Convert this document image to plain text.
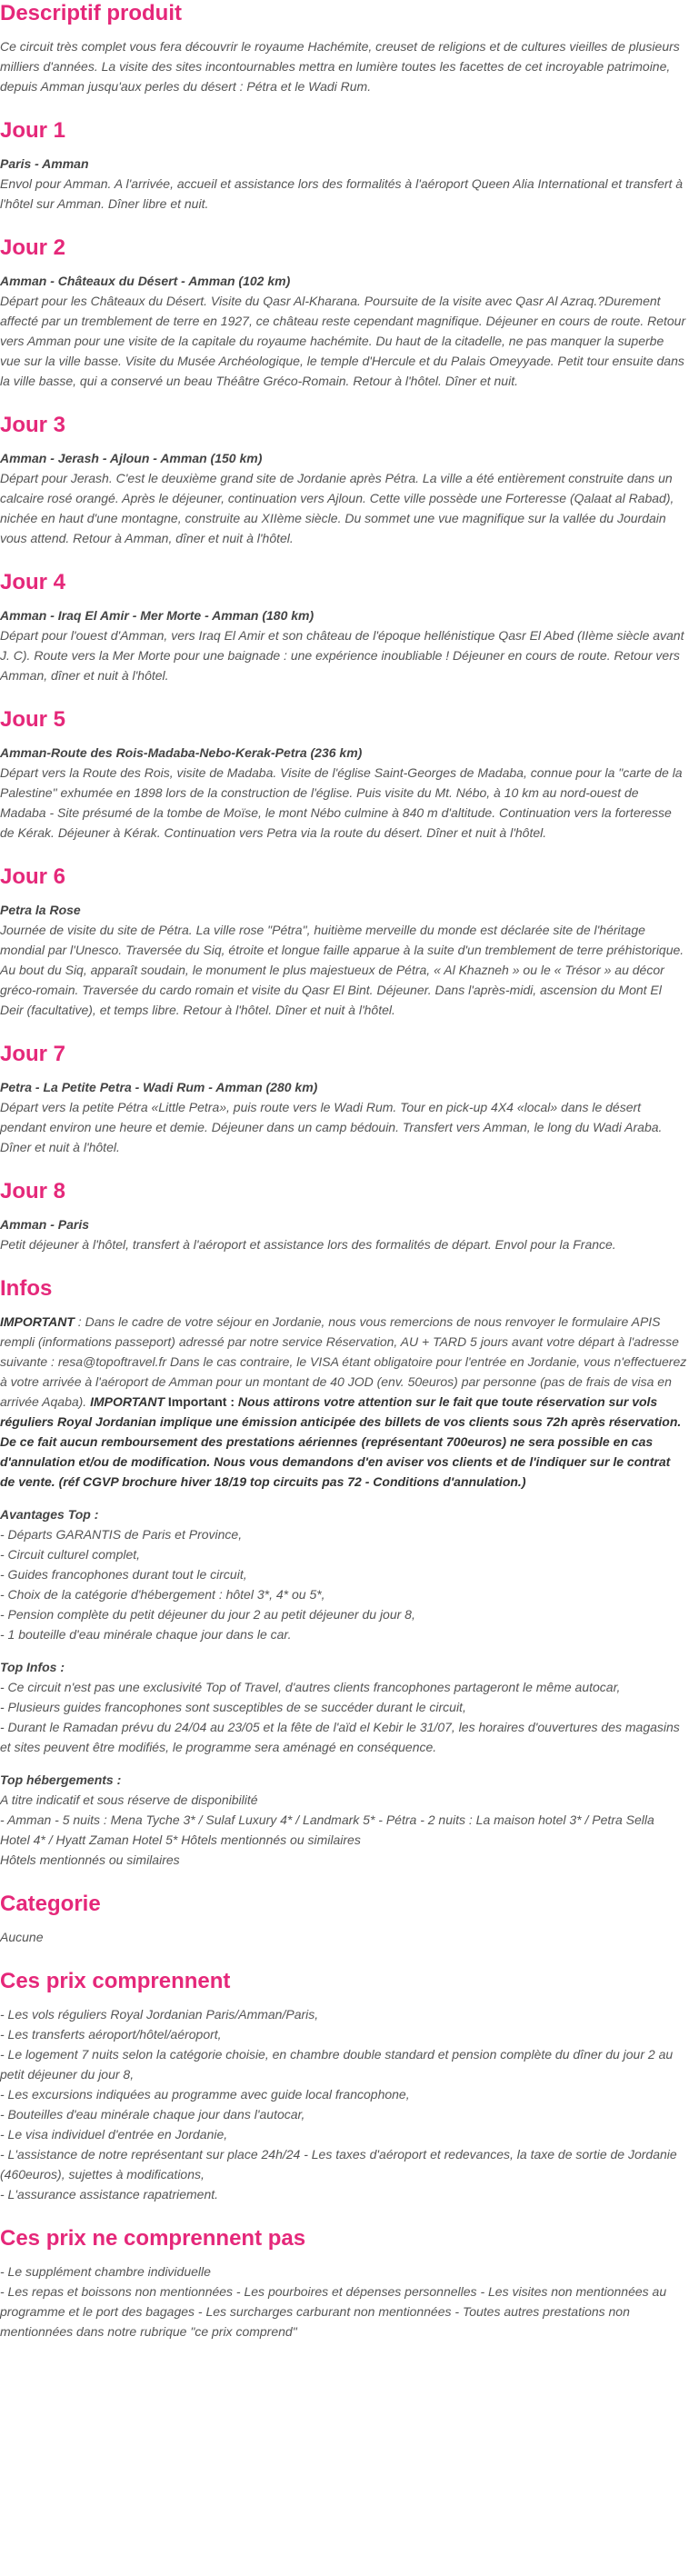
Descriptif produit

Ce circuit très complet vous fera découvrir le royaume Hachémite, creuset de religions et de cultures vieilles de plusieurs milliers d'années. La visite des sites incontournables mettra en lumière toutes les facettes de cet incroyable patrimoine, depuis Amman jusqu'aux perles du désert : Pétra et le Wadi Rum.

Jour 1

Paris - Amman

Envol pour Amman. A l'arrivée, accueil et assistance lors des formalités à l'aéroport Queen Alia International et transfert à l'hôtel sur Amman. Dîner libre et nuit.

Jour 2

Amman - Châteaux du Désert - Amman (102 km)

Départ pour les Châteaux du Désert. Visite du Qasr Al-Kharana. Poursuite de la visite avec Qasr Al Azraq.?Durement affecté par un tremblement de terre en 1927, ce château reste cependant magnifique. Déjeuner en cours de route. Retour vers Amman pour une visite de la capitale du royaume hachémite. Du haut de la citadelle, ne pas manquer la superbe vue sur la ville basse. Visite du Musée Archéologique, le temple d'Hercule et du Palais Omeyyade. Petit tour ensuite dans la ville basse, qui a conservé un beau Théâtre Gréco-Romain. Retour à l'hôtel. Dîner et nuit.

Jour 3

Amman - Jerash - Ajloun - Amman (150 km)

Départ pour Jerash. C'est le deuxième grand site de Jordanie après Pétra. La ville a été entièrement construite dans un calcaire rosé orangé. Après le déjeuner, continuation vers Ajloun. Cette ville possède une Forteresse (Qalaat al Rabad), nichée en haut d'une montagne, construite au XIIème siècle. Du sommet une vue magnifique sur la vallée du Jourdain vous attend. Retour à Amman, dîner et nuit à l'hôtel.

Jour 4

Amman - Iraq El Amir - Mer Morte - Amman (180 km)

Départ pour l'ouest d'Amman, vers Iraq El Amir et son château de l'époque hellénistique Qasr El Abed (IIème siècle avant J. C). Route vers la Mer Morte pour une baignade : une expérience inoubliable ! Déjeuner en cours de route. Retour vers Amman, dîner et nuit à l'hôtel.

Jour 5

Amman-Route des Rois-Madaba-Nebo-Kerak-Petra (236 km)

Départ vers la Route des Rois, visite de Madaba. Visite de l'église Saint-Georges de Madaba, connue pour la "carte de la Palestine" exhumée en 1898 lors de la construction de l'église. Puis visite du Mt. Nébo, à 10 km au nord-ouest de Madaba - Site présumé de la tombe de Moïse, le mont Nébo culmine à 840 m d'altitude. Continuation vers la forteresse de Kérak. Déjeuner à Kérak. Continuation vers Petra via la route du désert. Dîner et nuit à l'hôtel.

Jour 6

Petra la Rose

Journée de visite du site de Pétra. La ville rose "Pétra", huitième merveille du monde est déclarée site de l'héritage mondial par l'Unesco. Traversée du Siq, étroite et longue faille apparue à la suite d'un tremblement de terre préhistorique. Au bout du Siq, apparaît soudain, le monument le plus majestueux de Pétra, « Al Khazneh » ou le « Trésor » au décor gréco-romain. Traversée du cardo romain et visite du Qasr El Bint. Déjeuner. Dans l'après-midi, ascension du Mont El Deir (facultative), et temps libre. Retour à l'hôtel. Dîner et nuit à l'hôtel.

Jour 7

Petra - La Petite Petra - Wadi Rum - Amman (280 km)

Départ vers la petite Pétra «Little Petra», puis route vers le Wadi Rum. Tour en pick-up 4X4 «local» dans le désert pendant environ une heure et demie. Déjeuner dans un camp bédouin. Transfert vers Amman, le long du Wadi Araba. Dîner et nuit à l'hôtel.

Jour 8

Amman - Paris

Petit déjeuner à l'hôtel, transfert à l'aéroport et assistance lors des formalités de départ. Envol pour la France.

Infos

IMPORTANT : Dans le cadre de votre séjour en Jordanie, nous vous remercions de nous renvoyer le formulaire APIS rempli (informations passeport) adressé par notre service Réservation, AU + TARD 5 jours avant votre départ à l'adresse suivante : resa@topoftravel.fr Dans le cas contraire, le VISA étant obligatoire pour l'entrée en Jordanie, vous n'effectuerez à votre arrivée à l'aéroport de Amman pour un montant de 40 JOD (env. 50euros) par personne (pas de frais de visa en arrivée Aqaba). IMPORTANT Important : Nous attirons votre attention sur le fait que toute réservation sur vols réguliers Royal Jordanian implique une émission anticipée des billets de vos clients sous 72h après réservation. De ce fait aucun remboursement des prestations aériennes (représentant 700euros) ne sera possible en cas d'annulation et/ou de modification. Nous vous demandons d'en aviser vos clients et de l'indiquer sur le contrat de vente. (réf CGVP brochure hiver 18/19 top circuits pas 72 - Conditions d'annulation.)

Avantages Top :

- Départs GARANTIS de Paris et Province,

- Circuit culturel complet,

- Guides francophones durant tout le circuit,

- Choix de la catégorie d'hébergement : hôtel 3*, 4* ou 5*,

- Pension complète du petit déjeuner du jour 2 au petit déjeuner du jour 8,

- 1 bouteille d'eau minérale chaque jour dans le car.

Top Infos :

- Ce circuit n'est pas une exclusivité Top of Travel, d'autres clients francophones partageront le même autocar,

- Plusieurs guides francophones sont susceptibles de se succéder durant le circuit,

- Durant le Ramadan prévu du 24/04 au 23/05 et la fête de l'aïd el Kebir le 31/07, les horaires d'ouvertures des magasins et sites peuvent être modifiés, le programme sera aménagé en conséquence.

Top hébergements :

A titre indicatif et sous réserve de disponibilité

- Amman - 5 nuits : Mena Tyche 3* / Sulaf Luxury 4* / Landmark 5* - Pétra - 2 nuits : La maison hotel 3* / Petra Sella Hotel 4* / Hyatt Zaman Hotel 5* Hôtels mentionnés ou similaires

Hôtels mentionnés ou similaires

Categorie

Aucune

Ces prix comprennent

- Les vols réguliers Royal Jordanian Paris/Amman/Paris,

- Les transferts aéroport/hôtel/aéroport,

- Le logement 7 nuits selon la catégorie choisie, en chambre double standard et pension complète du dîner du jour 2 au petit déjeuner du jour 8,

- Les excursions indiquées au programme avec guide local francophone,

- Bouteilles d'eau minérale chaque jour dans l'autocar,

- Le visa individuel d'entrée en Jordanie,

- L'assistance de notre représentant sur place 24h/24 - Les taxes d'aéroport et redevances, la taxe de sortie de Jordanie (460euros), sujettes à modifications,

- L'assurance assistance rapatriement.

Ces prix ne comprennent pas

- Le supplément chambre individuelle

- Les repas et boissons non mentionnées - Les pourboires et dépenses personnelles - Les visites non mentionnées au programme et le port des bagages - Les surcharges carburant non mentionnées - Toutes autres prestations non mentionnées dans notre rubrique "ce prix comprend"
